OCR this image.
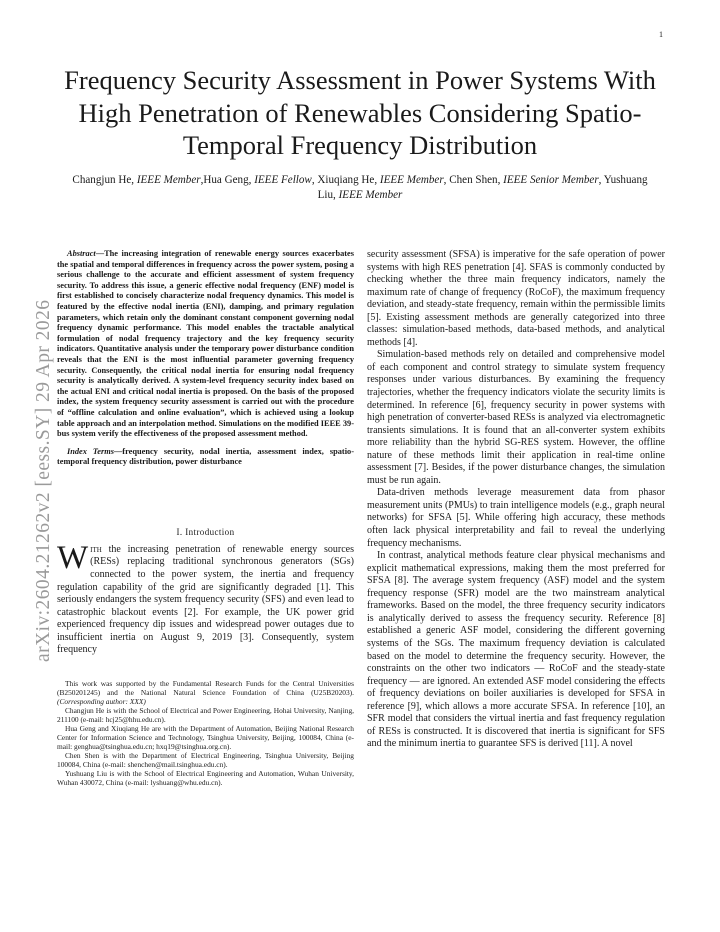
1
arXiv:2604.21262v2 [eess.SY] 29 Apr 2026
Frequency Security Assessment in Power Systems With High Penetration of Renewables Considering Spatio-Temporal Frequency Distribution
Changjun He, IEEE Member,Hua Geng, IEEE Fellow, Xiuqiang He, IEEE Member, Chen Shen, IEEE Senior Member, Yushuang Liu, IEEE Member

Abstract—The increasing integration of renewable energy sources exacerbates the spatial and temporal differences in frequency across the power system, posing a serious challenge to the accurate and efficient assessment of system frequency security. To address this issue, a generic effective nodal frequency (ENF) model is first established to concisely characterize nodal frequency dynamics. This model is featured by the effective nodal inertia (ENI), damping, and primary regulation parameters, which retain only the dominant constant component governing nodal frequency dynamic performance. This model enables the tractable analytical formulation of nodal frequency trajectory and the key frequency security indicators. Quantitative analysis under the temporary power disturbance condition reveals that the ENI is the most influential parameter governing frequency security. Consequently, the critical nodal inertia for ensuring nodal frequency security is analytically derived. A system-level frequency security index based on the actual ENI and critical nodal inertia is proposed. On the basis of the proposed index, the system frequency security assessment is carried out with the procedure of “offline calculation and online evaluation”, which is achieved using a lookup table approach and an interpolation method. Simulations on the modified IEEE 39-bus system verify the effectiveness of the proposed assessment method.

Index Terms—frequency security, nodal inertia, assessment index, spatio-temporal frequency distribution, power disturbance

I. Introduction

With the increasing penetration of renewable energy sources (RESs) replacing traditional synchronous generators (SGs) connected to the power system, the inertia and frequency regulation capability of the grid are significantly degraded [1]. This seriously endangers the system frequency security (SFS) and even lead to catastrophic blackout events [2]. For example, the UK power grid experienced frequency dip issues and widespread power outages due to insufficient inertia on August 9, 2019 [3]. Consequently, system frequency

This work was supported by the Fundamental Research Funds for the Central Universities (B250201245) and the National Natural Science Foundation of China (U25B20203). (Corresponding author: XXX)

Changjun He is with the School of Electrical and Power Engineering, Hohai University, Nanjing, 211100 (e-mail: hcj25@hhu.edu.cn).

Hua Geng and Xiuqiang He are with the Department of Automation, Beijing National Research Center for Information Science and Technology, Tsinghua University, Beijing, 100084, China (e-mail: genghua@tsinghua.edu.cn; hxq19@tsinghua.org.cn).

Chen Shen is with the Department of Electrical Engineering, Tsinghua University, Beijing 100084, China (e-mail: shenchen@mail.tsinghua.edu.cn).

Yushuang Liu is with the School of Electrical Engineering and Automation, Wuhan University, Wuhan 430072, China (e-mail: lyshuang@whu.edu.cn).

security assessment (SFSA) is imperative for the safe operation of power systems with high RES penetration [4]. SFAS is commonly conducted by checking whether the three main frequency indicators, namely the maximum rate of change of frequency (RoCoF), the maximum frequency deviation, and steady-state frequency, remain within the permissible limits [5]. Existing assessment methods are generally categorized into three classes: simulation-based methods, data-based methods, and analytical methods [4].

Simulation-based methods rely on detailed and comprehensive model of each component and control strategy to simulate system frequency responses under various disturbances. By examining the frequency trajectories, whether the frequency indicators violate the security limits is determined. In reference [6], frequency security in power systems with high penetration of converter-based RESs is analyzed via electromagnetic transients simulations. It is found that an all-converter system exhibits more reliability than the hybrid SG-RES system. However, the offline nature of these methods limit their application in real-time online assessment [7]. Besides, if the power disturbance changes, the simulation must be run again.

Data-driven methods leverage measurement data from phasor measurement units (PMUs) to train intelligence models (e.g., graph neural networks) for SFSA [5]. While offering high accuracy, these methods often lack physical interpretability and fail to reveal the underlying frequency mechanisms.

In contrast, analytical methods feature clear physical mechanisms and explicit mathematical expressions, making them the most preferred for SFSA [8]. The average system frequency (ASF) model and the system frequency response (SFR) model are the two mainstream analytical frameworks. Based on the model, the three frequency security indicators is analytically derived to assess the frequency security. Reference [8] established a generic ASF model, considering the different governing systems of the SGs. The maximum frequency deviation is calculated based on the model to determine the frequency security. However, the constraints on the other two indicators — RoCoF and the steady-state frequency — are ignored. An extended ASF model considering the effects of frequency deviations on boiler auxiliaries is developed for SFSA in reference [9], which allows a more accurate SFSA. In reference [10], an SFR model that considers the virtual inertia and fast frequency regulation of RESs is constructed. It is discovered that inertia is significant for SFS and the minimum inertia to guarantee SFS is derived [11]. A novel
